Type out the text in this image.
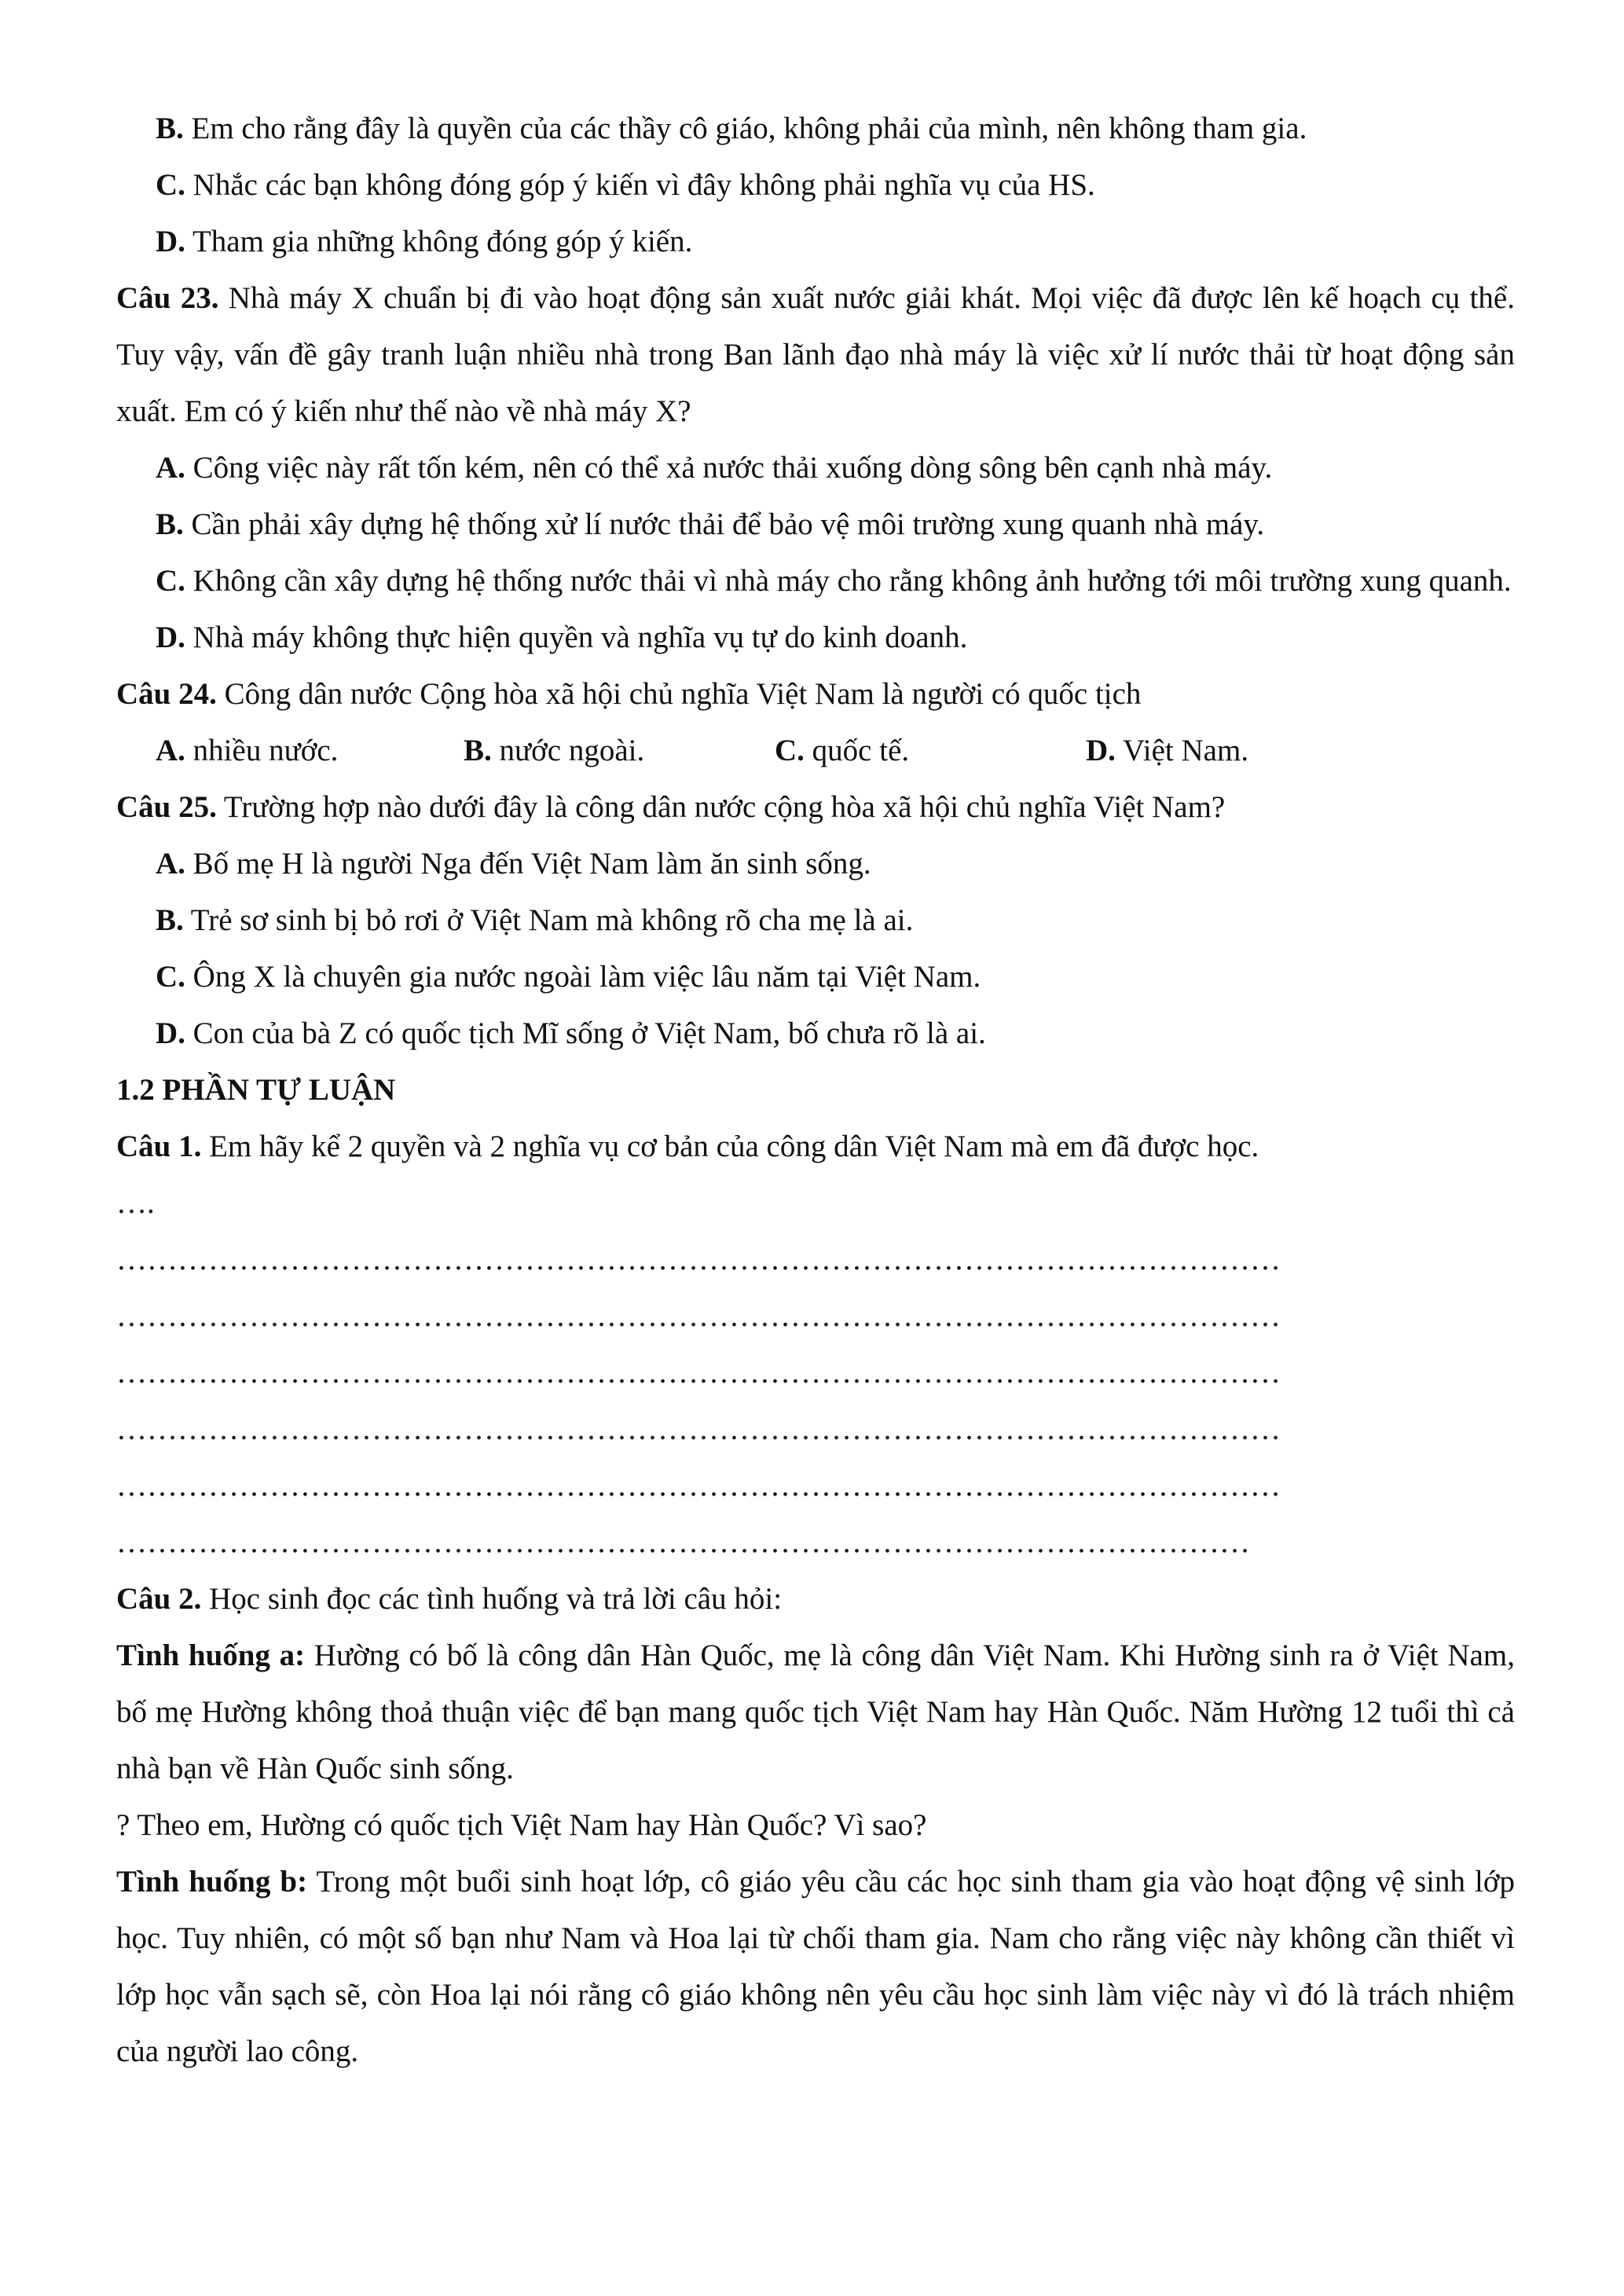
B. Em cho rằng đây là quyền của các thầy cô giáo, không phải của mình, nên không tham gia.

C. Nhắc các bạn không đóng góp ý kiến vì đây không phải nghĩa vụ của HS.

D. Tham gia những không đóng góp ý kiến.

Câu 23. Nhà máy X chuẩn bị đi vào hoạt động sản xuất nước giải khát. Mọi việc đã được lên kế hoạch cụ thể. Tuy vậy, vấn đề gây tranh luận nhiều nhà trong Ban lãnh đạo nhà máy là việc xử lí nước thải từ hoạt động sản xuất. Em có ý kiến như thế nào về nhà máy X?

A. Công việc này rất tốn kém, nên có thể xả nước thải xuống dòng sông bên cạnh nhà máy.

B. Cần phải xây dựng hệ thống xử lí nước thải để bảo vệ môi trường xung quanh nhà máy.

C. Không cần xây dựng hệ thống nước thải vì nhà máy cho rằng không ảnh hưởng tới môi trường xung quanh.

D. Nhà máy không thực hiện quyền và nghĩa vụ tự do kinh doanh.

Câu 24. Công dân nước Cộng hòa xã hội chủ nghĩa Việt Nam là người có quốc tịch

A. nhiều nước.	B. nước ngoài.	C. quốc tế.	D. Việt Nam.

Câu 25. Trường hợp nào dưới đây là công dân nước cộng hòa xã hội chủ nghĩa Việt Nam?

A. Bố mẹ H là người Nga đến Việt Nam làm ăn sinh sống.

B. Trẻ sơ sinh bị bỏ rơi ở Việt Nam mà không rõ cha mẹ là ai.

C. Ông X là chuyên gia nước ngoài làm việc lâu năm tại Việt Nam.

D. Con của bà Z có quốc tịch Mĩ sống ở Việt Nam, bố chưa rõ là ai.

1.2 PHẦN TỰ LUẬN

Câu 1. Em hãy kể 2 quyền và 2 nghĩa vụ cơ bản của công dân Việt Nam mà em đã được học.

….

……………………………………………………………………………………………………

……………………………………………………………………………………………………

……………………………………………………………………………………………………

……………………………………………………………………………………………………

……………………………………………………………………………………………………

…………………………………………………………………………………………………

Câu 2. Học sinh đọc các tình huống và trả lời câu hỏi:

Tình huống a: Hường có bố là công dân Hàn Quốc, mẹ là công dân Việt Nam. Khi Hường sinh ra ở Việt Nam, bố mẹ Hường không thoả thuận việc để bạn mang quốc tịch Việt Nam hay Hàn Quốc. Năm Hường 12 tuổi thì cả nhà bạn về Hàn Quốc sinh sống.

? Theo em, Hường có quốc tịch Việt Nam hay Hàn Quốc? Vì sao?

Tình huống b: Trong một buổi sinh hoạt lớp, cô giáo yêu cầu các học sinh tham gia vào hoạt động vệ sinh lớp học. Tuy nhiên, có một số bạn như Nam và Hoa lại từ chối tham gia. Nam cho rằng việc này không cần thiết vì lớp học vẫn sạch sẽ, còn Hoa lại nói rằng cô giáo không nên yêu cầu học sinh làm việc này vì đó là trách nhiệm của người lao công.
